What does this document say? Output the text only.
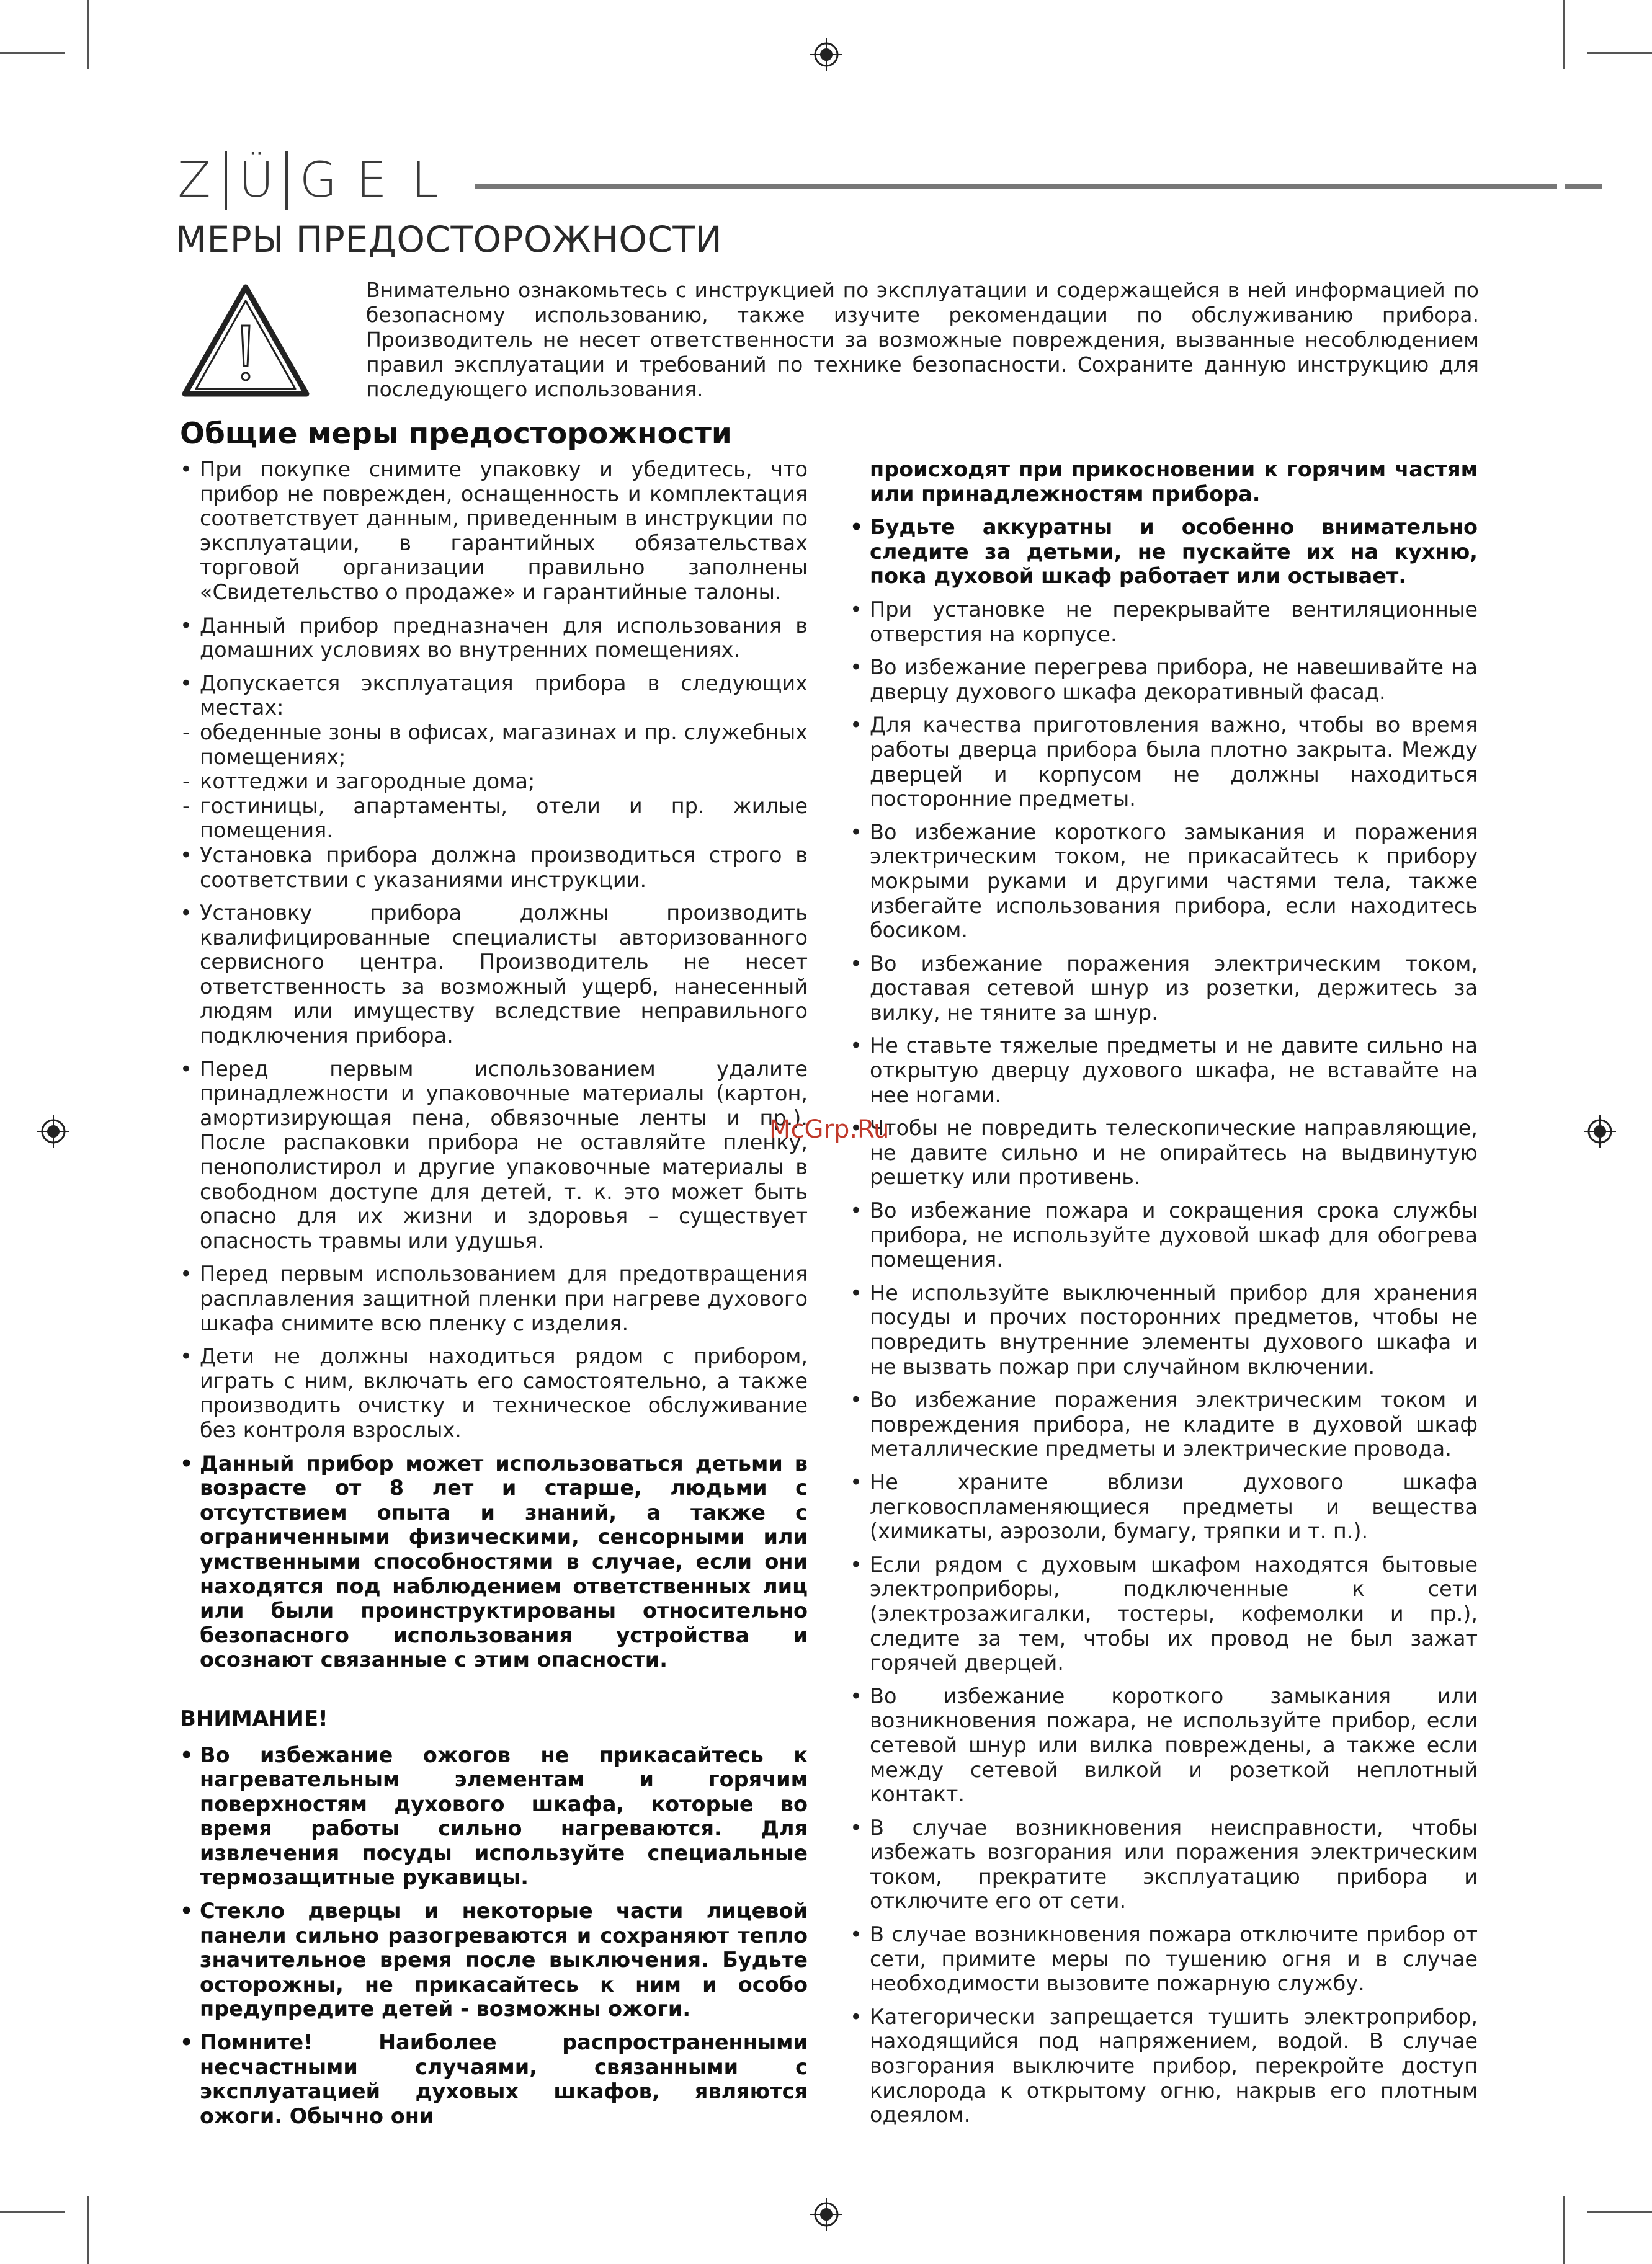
Z Ü G E L
МЕРЫ ПРЕДОСТОРОЖНОСТИ
Внимательно ознакомьтесь с инструкцией по эксплуатации и содержащейся в ней информацией по безопасному использованию, также изучите рекомендации по обслуживанию прибора. Производитель не несет ответственности за возможные повреждения, вызванные несоблюдением правил эксплуатации и требований по технике безопасности. Сохраните данную инструкцию для последующего использования.
Общие меры предосторожности
• При покупке снимите упаковку и убедитесь, что прибор не поврежден, оснащенность и комплектация соответствует данным, приведенным в инструкции по эксплуатации, в гарантийных обязательствах торговой организации правильно заполнены «Свидетельство о продаже» и гарантийные талоны.
• Данный прибор предназначен для использования в домашних условиях во внутренних помещениях.
• Допускается эксплуатация прибора в следующих местах:
- обеденные зоны в офисах, магазинах и пр. служебных помещениях;
- коттеджи и загородные дома;
- гостиницы, апартаменты, отели и пр. жилые помещения.
• Установка прибора должна производиться строго в соответствии с указаниями инструкции.
• Установку прибора должны производить квалифицированные специалисты авторизованного сервисного центра. Производитель не несет ответственность за возможный ущерб, нанесенный людям или имуществу вследствие неправильного подключения прибора.
• Перед первым использованием удалите принадлежности и упаковочные материалы (картон, амортизирующая пена, обвязочные ленты и пр.). После распаковки прибора не оставляйте пленку, пенополистирол и другие упаковочные материалы в свободном доступе для детей, т. к. это может быть опасно для их жизни и здоровья – существует опасность травмы или удушья.
• Перед первым использованием для предотвращения расплавления защитной пленки при нагреве духового шкафа снимите всю пленку с изделия.
• Дети не должны находиться рядом с прибором, играть с ним, включать его самостоятельно, а также производить очистку и техническое обслуживание без контроля взрослых.
• Данный прибор может использоваться детьми в возрасте от 8 лет и старше, людьми с отсутствием опыта и знаний, а также с ограниченными физическими, сенсорными или умственными способностями в случае, если они находятся под наблюдением ответственных лиц или были проинструктированы относительно безопасного использования устройства и осознают связанные с этим опасности.
ВНИМАНИЕ!
• Во избежание ожогов не прикасайтесь к нагревательным элементам и горячим поверхностям духового шкафа, которые во время работы сильно нагреваются. Для извлечения посуды используйте специальные термозащитные рукавицы.
• Стекло дверцы и некоторые части лицевой панели сильно разогреваются и сохраняют тепло значительное время после выключения. Будьте осторожны, не прикасайтесь к ним и особо предупредите детей - возможны ожоги.
• Помните! Наиболее распространенными несчастными случаями, связанными с эксплуатацией духовых шкафов, являются ожоги. Обычно они
происходят при прикосновении к горячим частям или принадлежностям прибора.
• Будьте аккуратны и особенно внимательно следите за детьми, не пускайте их на кухню, пока духовой шкаф работает или остывает.
• При установке не перекрывайте вентиляционные отверстия на корпусе.
• Во избежание перегрева прибора, не навешивайте на дверцу духового шкафа декоративный фасад.
• Для качества приготовления важно, чтобы во время работы дверца прибора была плотно закрыта. Между дверцей и корпусом не должны находиться посторонние предметы.
• Во избежание короткого замыкания и поражения электрическим током, не прикасайтесь к прибору мокрыми руками и другими частями тела, также избегайте использования прибора, если находитесь босиком.
• Во избежание поражения электрическим током, доставая сетевой шнур из розетки, держитесь за вилку, не тяните за шнур.
• Не ставьте тяжелые предметы и не давите сильно на открытую дверцу духового шкафа, не вставайте на нее ногами.
• Чтобы не повредить телескопические направляющие, не давите сильно и не опирайтесь на выдвинутую решетку или противень.
• Во избежание пожара и сокращения срока службы прибора, не используйте духовой шкаф для обогрева помещения.
• Не используйте выключенный прибор для хранения посуды и прочих посторонних предметов, чтобы не повредить внутренние элементы духового шкафа и не вызвать пожар при случайном включении.
• Во избежание поражения электрическим током и повреждения прибора, не кладите в духовой шкаф металлические предметы и электрические провода.
• Не храните вблизи духового шкафа легковоспламеняющиеся предметы и вещества (химикаты, аэрозоли, бумагу, тряпки и т. п.).
• Если рядом с духовым шкафом находятся бытовые электроприборы, подключенные к сети (электрозажигалки, тостеры, кофемолки и пр.), следите за тем, чтобы их провод не был зажат горячей дверцей.
• Во избежание короткого замыкания или возникновения пожара, не используйте прибор, если сетевой шнур или вилка повреждены, а также если между сетевой вилкой и розеткой неплотный контакт.
• В случае возникновения неисправности, чтобы избежать возгорания или поражения электрическим током, прекратите эксплуатацию прибора и отключите его от сети.
• В случае возникновения пожара отключите прибор от сети, примите меры по тушению огня и в случае необходимости вызовите пожарную службу.
• Категорически запрещается тушить электроприбор, находящийся под напряжением, водой. В случае возгорания выключите прибор, перекройте доступ кислорода к открытому огню, накрыв его плотным одеялом.
McGrp.Ru
